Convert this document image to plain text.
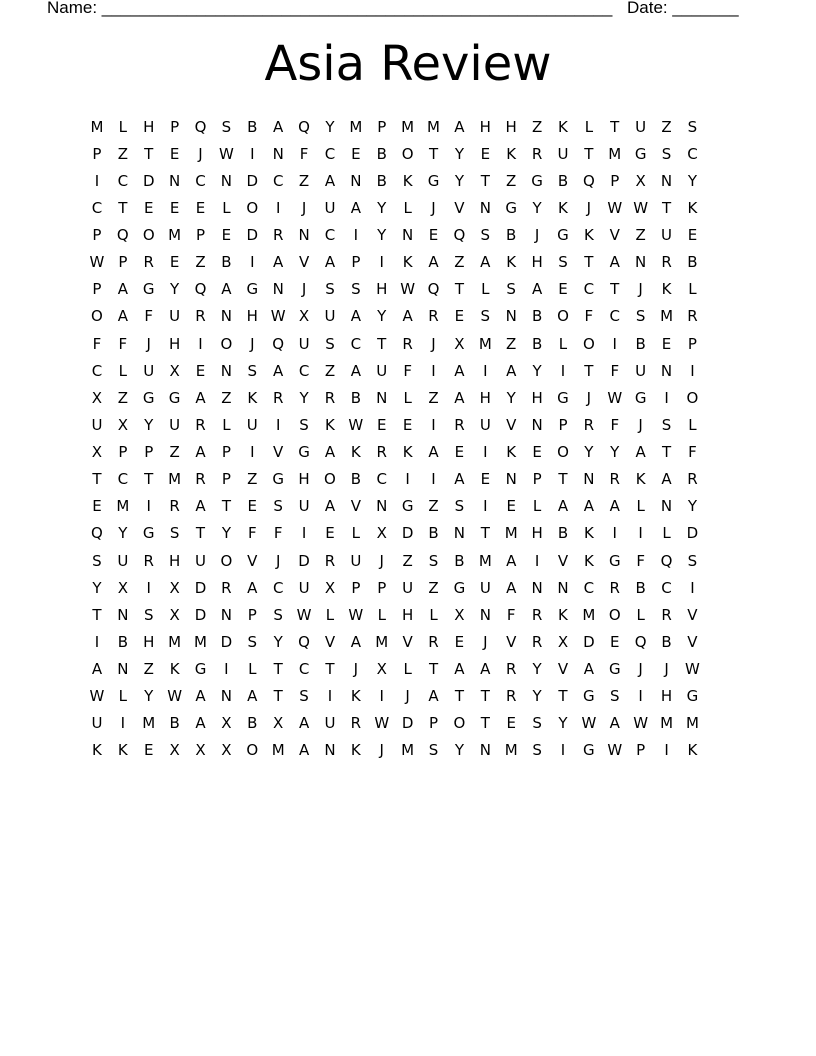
Name: ______________________________________________________ Date: _______
Asia Review
M	L	H	P	Q	S	B	A Q	Y M P M M A	H H	Z	K	L	T	U	Z	S
P	Z	T	E	J	W	I	N	F	C	E	B O	T	Y	E	K	R	U	T M G	S	C
I	C D N	C	N D C	Z	A	N	B	K	G	Y	T	Z G B Q	P	X	N	Y
C	T	E	E	E	L	O	I	J	U	A	Y	L	J	V	N G	Y	K	J	W W T	K
P	Q O M P	E	D R	N	C	I	Y	N	E	Q	S	B	J	G	K	V	Z	U	E
W P	R	E	Z	B	I	A	V	A	P	I	K	A	Z	A	K	H	S	T	A	N	R	B
P	A G	Y	Q A G N	J	S	S	H W Q	T	L	S	A	E	C	T	J	K	L
O A	F	U	R	N H W X	U	A	Y	A	R	E	S	N	B O	F	C	S M R
F	F	J	H	I	O	J	Q U	S	C	T	R	J	X M Z	B	L	O	I	B	E	P
C	L	U	X	E	N	S	A	C	Z	A	U	F	I	A	I	A	Y	I	T	F	U N	I
X	Z G G A	Z	K	R	Y	R	B	N	L	Z	A	H	Y	H G	J	W G	I	O
U	X	Y	U	R	L	U	I	S	K W E	E	I	R	U	V	N	P	R	F	J	S	L
X	P	P	Z	A	P	I	V G A	K	R	K	A	E	I	K	E	O	Y	Y	A	T	F
T	C	T M R	P	Z G H O B	C	I	I	A	E	N	P	T	N	R	K	A	R
E M	I	R	A	T	E	S	U	A	V	N G Z	S	I	E	L	A	A	A	L	N	Y
Q	Y	G	S	T	Y	F	F	I	E	L	X D B	N	T M H	B	K	I	I	L	D
S	U	R	H U O V	J	D R	U	J	Z	S	B M A	I	V	K	G	F	Q	S
Y	X	I	X D R	A	C	U	X	P	P	U	Z G U	A	N N	C	R	B	C	I
T	N	S	X D N	P	S W L W L	H	L	X	N	F	R	K M O	L	R	V
I	B	H M M D	S	Y	Q V	A M V	R	E	J	V	R	X D	E	Q B	V
A	N	Z	K	G	I	L	T	C	T	J	X	L	T	A	A	R	Y	V	A G	J	J	W
W L	Y W A	N	A	T	S	I	K	I	J	A	T	T	R	Y	T	G	S	I	H G
U	I	M B	A	X	B	X	A	U	R W D	P	O	T	E	S	Y W A W M M
K	K	E	X	X	X O M A	N	K	J	M S	Y	N M S	I	G W P	I	K
